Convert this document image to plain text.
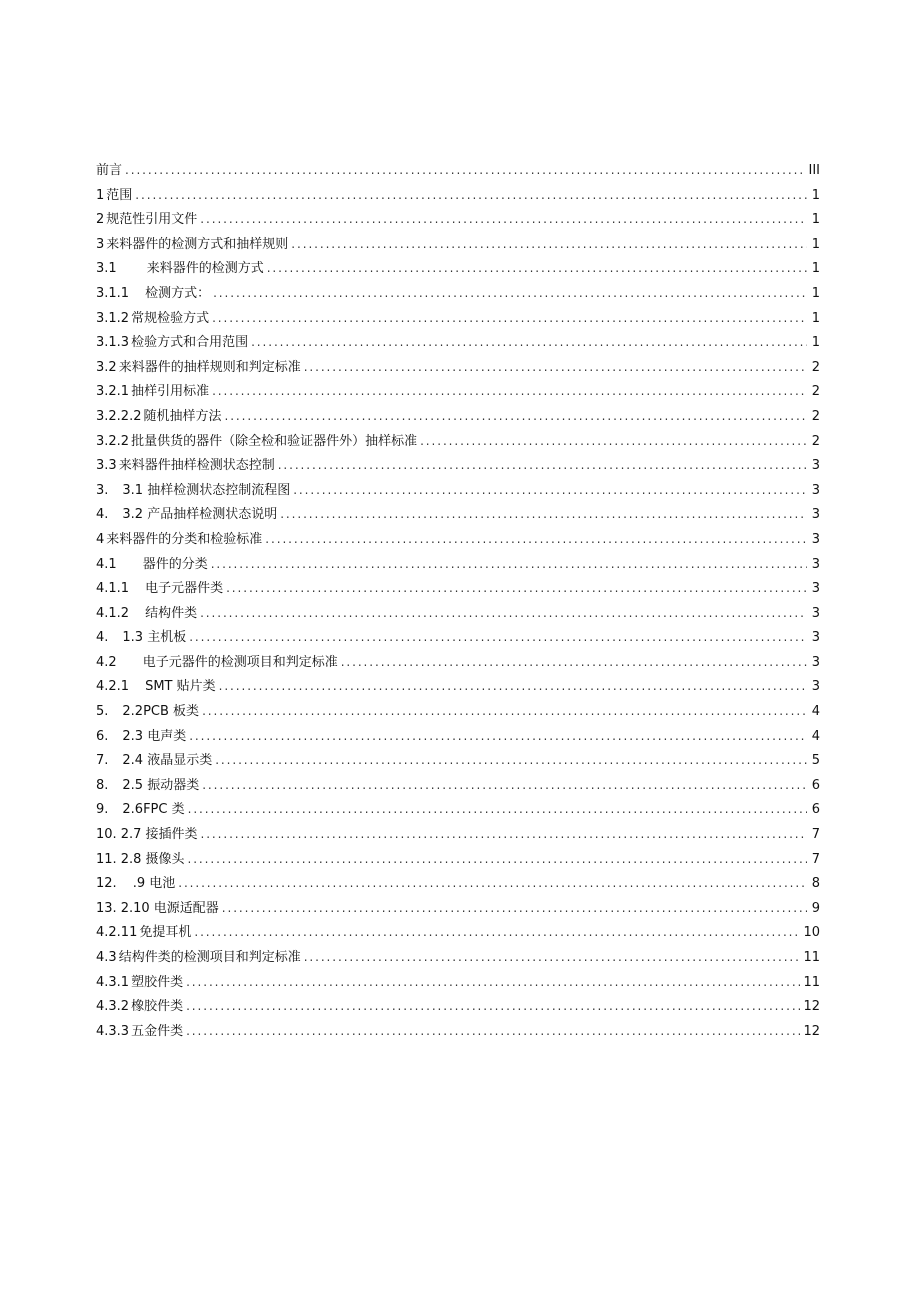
前言 .....	III
1 范围 .....	1
2 规范性引用文件 .....	1
3 来料器件的检测方式和抽样规则 .....	1
3.1 来料器件的检测方式 .....	1
3.1.1 检测方式： .....	1
3.1.2 常规检验方式 .....	1
3.1.3 检验方式和合用范围 .....	1
3.2 来料器件的抽样规则和判定标准 .....	2
3.2.1 抽样引用标准 .....	2
3.2.2.2 随机抽样方法 .....	2
3.2.2 批量供货的器件（除全检和验证器件外）抽样标准 .....	2
3.3 来料器件抽样检测状态控制 .....	3
3. 3.1 抽样检测状态控制流程图 .....	3
4. 3.2 产品抽样检测状态说明 .....	3
4 来料器件的分类和检验标准 .....	3
4.1 器件的分类 .....	3
4.1.1 电子元器件类 .....	3
4.1.2 结构件类 .....	3
4. 1.3 主机板 .....	3
4.2 电子元器件的检测项目和判定标准 .....	3
4.2.1 SMT 贴片类 .....	3
5. 2.2PCB 板类 .....	4
6. 2.3 电声类 .....	4
7. 2.4 液晶显示类 .....	5
8. 2.5 振动器类 .....	6
9. 2.6FPC 类 .....	6
10. 2.7 接插件类 .....	7
11. 2.8 摄像头 .....	7
12. .9 电池 .....	8
13. 2.10 电源适配器 .....	9
4.2.11 免提耳机 .....	10
4.3 结构件类的检测项目和判定标准 .....	11
4.3.1 塑胶件类 .....	11
4.3.2 橡胶件类 .....	12
4.3.3 五金件类 .....	12
